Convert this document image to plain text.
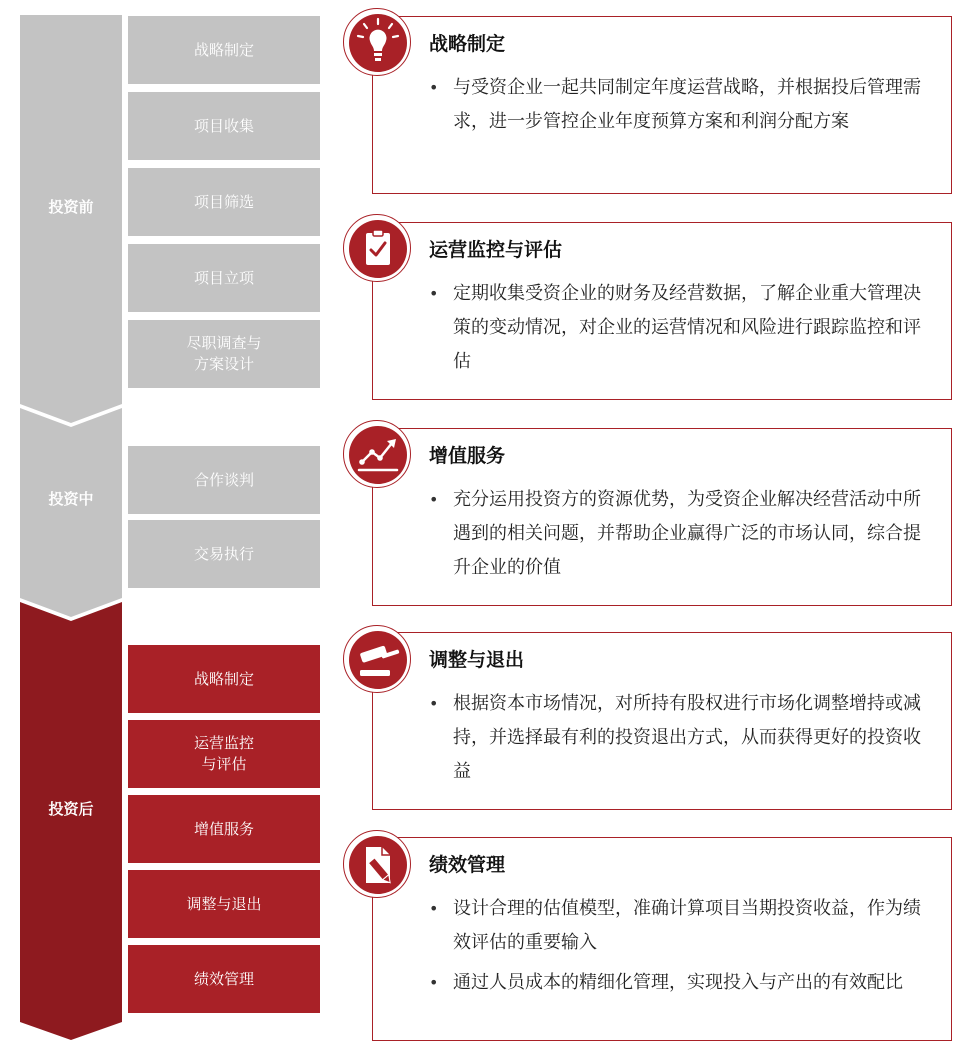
投资前
投资中
投资后
战略制定
项目收集
项目筛选
项目立项
尽职调查与
方案设计
合作谈判
交易执行
战略制定
运营监控
与评估
增值服务
调整与退出
绩效管理
战略制定
• 与受资企业一起共同制定年度运营战略，并根据投后管理需求，进一步管控企业年度预算方案和利润分配方案
运营监控与评估
• 定期收集受资企业的财务及经营数据，了解企业重大管理决策的变动情况，对企业的运营情况和风险进行跟踪监控和评估
增值服务
• 充分运用投资方的资源优势，为受资企业解决经营活动中所遇到的相关问题，并帮助企业赢得广泛的市场认同，综合提升企业的价值
调整与退出
• 根据资本市场情况，对所持有股权进行市场化调整增持或减持，并选择最有利的投资退出方式，从而获得更好的投资收益
绩效管理
• 设计合理的估值模型，准确计算项目当期投资收益，作为绩效评估的重要输入
• 通过人员成本的精细化管理，实现投入与产出的有效配比
